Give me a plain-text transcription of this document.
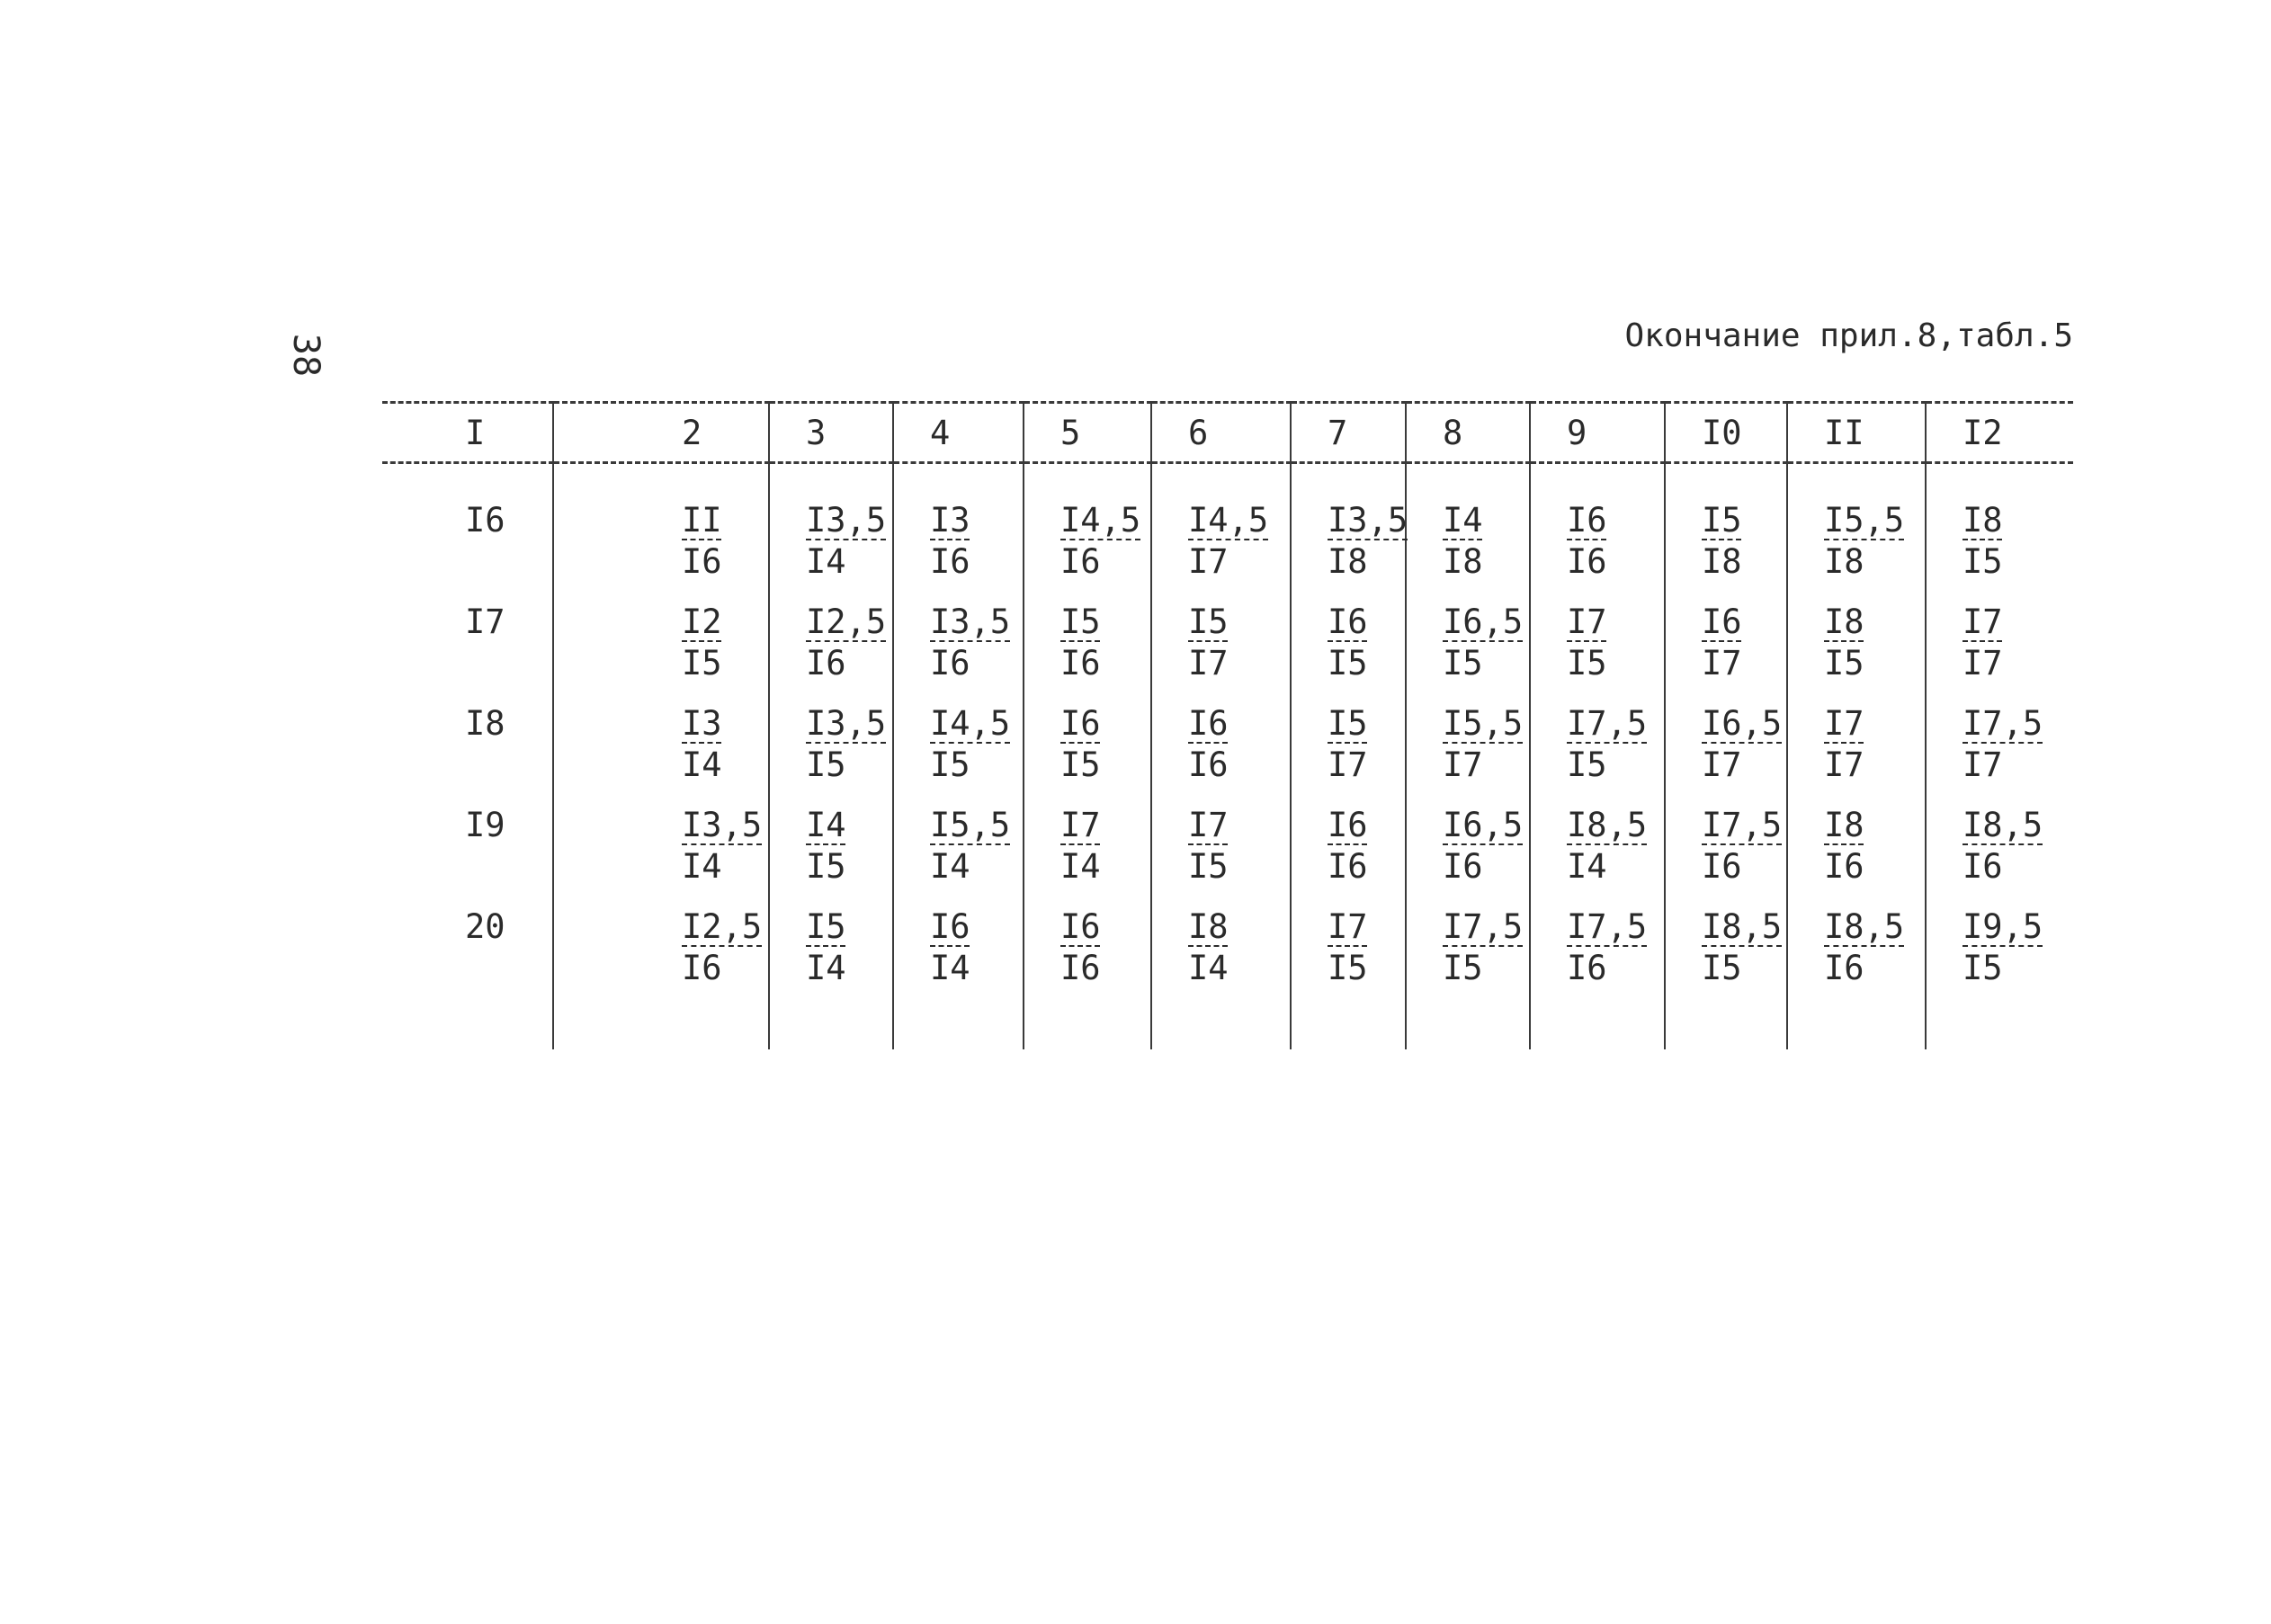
38	Окончание прил.8,табл.5
I	2	3	4	5	6	7	8	9	I0	II	I2

I6	$\frac{II}{I6}$	$\frac{I3,5}{I4}$	$\frac{I3}{I6}$	$\frac{I4,5}{I6}$	$\frac{I4,5}{I7}$	$\frac{I3,5}{I8}$	$\frac{I4}{I8}$	$\frac{I6}{I6}$	$\frac{I5}{I8}$	$\frac{I5,5}{I8}$	$\frac{I8}{I5}$

I7	$\frac{I2}{I5}$	$\frac{I2,5}{I6}$	$\frac{I3,5}{I6}$	$\frac{I5}{I6}$	$\frac{I5}{I7}$	$\frac{I6}{I5}$	$\frac{I6,5}{I5}$	$\frac{I7}{I5}$	$\frac{I6}{I7}$	$\frac{I8}{I5}$	$\frac{I7}{I7}$

I8	$\frac{I3}{I4}$	$\frac{I3,5}{I5}$	$\frac{I4,5}{I5}$	$\frac{I6}{I5}$	$\frac{I6}{I6}$	$\frac{I5}{I7}$	$\frac{I5,5}{I7}$	$\frac{I7,5}{I5}$	$\frac{I6,5}{I7}$	$\frac{I7}{I7}$	$\frac{I7,5}{I7}$

I9	$\frac{I3,5}{I4}$	$\frac{I4}{I5}$	$\frac{I5,5}{I4}$	$\frac{I7}{I4}$	$\frac{I7}{I5}$	$\frac{I6}{I6}$	$\frac{I6,5}{I6}$	$\frac{I8,5}{I4}$	$\frac{I7,5}{I6}$	$\frac{I8}{I6}$	$\frac{I8,5}{I6}$

20	$\frac{I2,5}{I6}$	$\frac{I5}{I4}$	$\frac{I6}{I4}$	$\frac{I6}{I6}$	$\frac{I8}{I4}$	$\frac{I7}{I5}$	$\frac{I7,5}{I5}$	$\frac{I7,5}{I6}$	$\frac{I8,5}{I5}$	$\frac{I8,5}{I6}$	$\frac{I9,5}{I5}$
